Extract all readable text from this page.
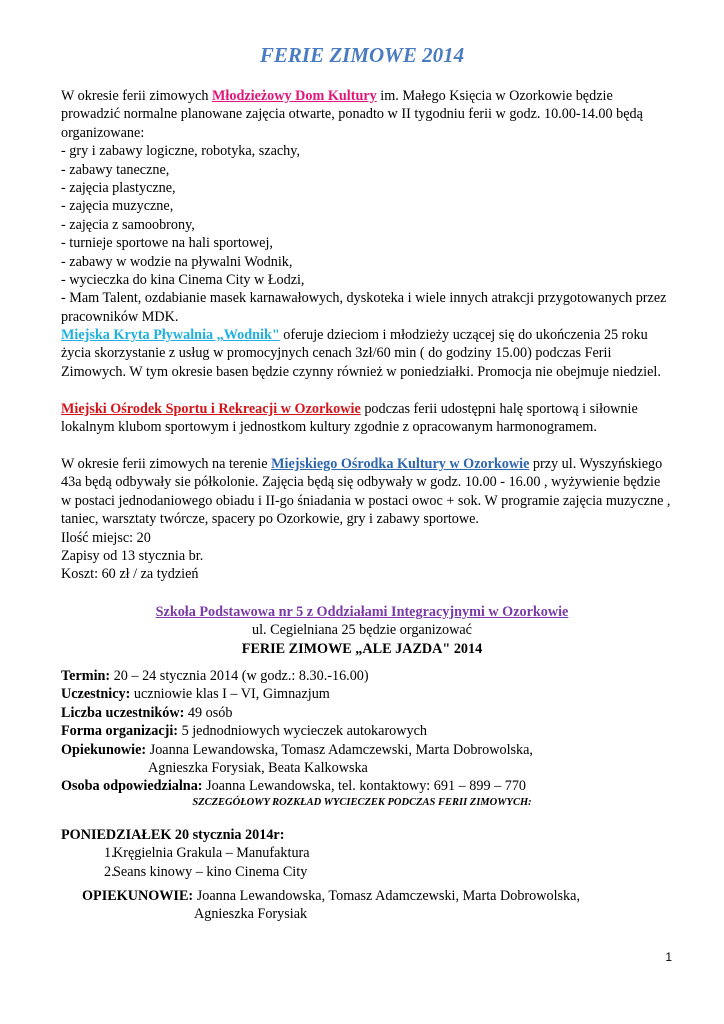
FERIE ZIMOWE 2014

W okresie ferii zimowych Młodzieżowy Dom Kultury im. Małego Księcia w Ozorkowie będzie prowadzić normalne planowane zajęcia otwarte, ponadto w II tygodniu ferii w godz. 10.00-14.00 będą organizowane:

- gry i zabawy logiczne, robotyka, szachy,
- zabawy taneczne,
- zajęcia plastyczne,
- zajęcia muzyczne,
- zajęcia z samoobrony,
- turnieje sportowe na hali sportowej,
- zabawy w wodzie na pływalni Wodnik,
- wycieczka do kina Cinema City w Łodzi,
- Mam Talent, ozdabianie masek karnawałowych, dyskoteka i wiele innych atrakcji przygotowanych przez pracowników MDK.

Miejska Kryta Pływalnia „Wodnik" oferuje dzieciom i młodzieży uczącej się do ukończenia 25 roku życia skorzystanie z usług w promocyjnych cenach 3zł/60 min ( do godziny 15.00) podczas Ferii Zimowych. W tym okresie basen będzie czynny również w poniedziałki. Promocja nie obejmuje niedziel.

Miejski Ośrodek Sportu i Rekreacji w Ozorkowie podczas ferii udostępni halę sportową i siłownie lokalnym klubom sportowym i jednostkom kultury zgodnie z opracowanym harmonogramem.

W okresie ferii zimowych na terenie Miejskiego Ośrodka Kultury w Ozorkowie przy ul. Wyszyńskiego 43a będą odbywały sie półkolonie. Zajęcia będą się odbywały w godz. 10.00 - 16.00 , wyżywienie będzie w postaci jednodaniowego obiadu i II-go śniadania w postaci owoc + sok. W programie zajęcia muzyczne , taniec, warsztaty twórcze, spacery po Ozorkowie, gry i zabawy sportowe.

Ilość miejsc: 20
Zapisy od 13 stycznia br.
Koszt: 60 zł / za tydzień
Szkoła Podstawowa nr 5 z Oddziałami Integracyjnymi w Ozorkowie
ul. Cegielniana 25 będzie organizować
FERIE ZIMOWE „ALE JAZDA" 2014
Termin: 20 – 24 stycznia 2014 (w godz.: 8.30.-16.00)
Uczestnicy: uczniowie klas I – VI, Gimnazjum
Liczba uczestników: 49 osób
Forma organizacji: 5 jednodniowych wycieczek autokarowych
Opiekunowie: Joanna Lewandowska, Tomasz Adamczewski, Marta Dobrowolska,
Agnieszka Forysiak, Beata Kalkowska
Osoba odpowiedzialna: Joanna Lewandowska, tel. kontaktowy: 691 – 899 – 770
SZCZEGÓŁOWY ROZKŁAD WYCIECZEK PODCZAS FERII ZIMOWYCH:
PONIEDZIAŁEK 20 stycznia 2014r:
1.
Kręgielnia Grakula – Manufaktura
2.
Seans kinowy – kino Cinema City
OPIEKUNOWIE: Joanna Lewandowska, Tomasz Adamczewski, Marta Dobrowolska,
Agnieszka Forysiak
1
